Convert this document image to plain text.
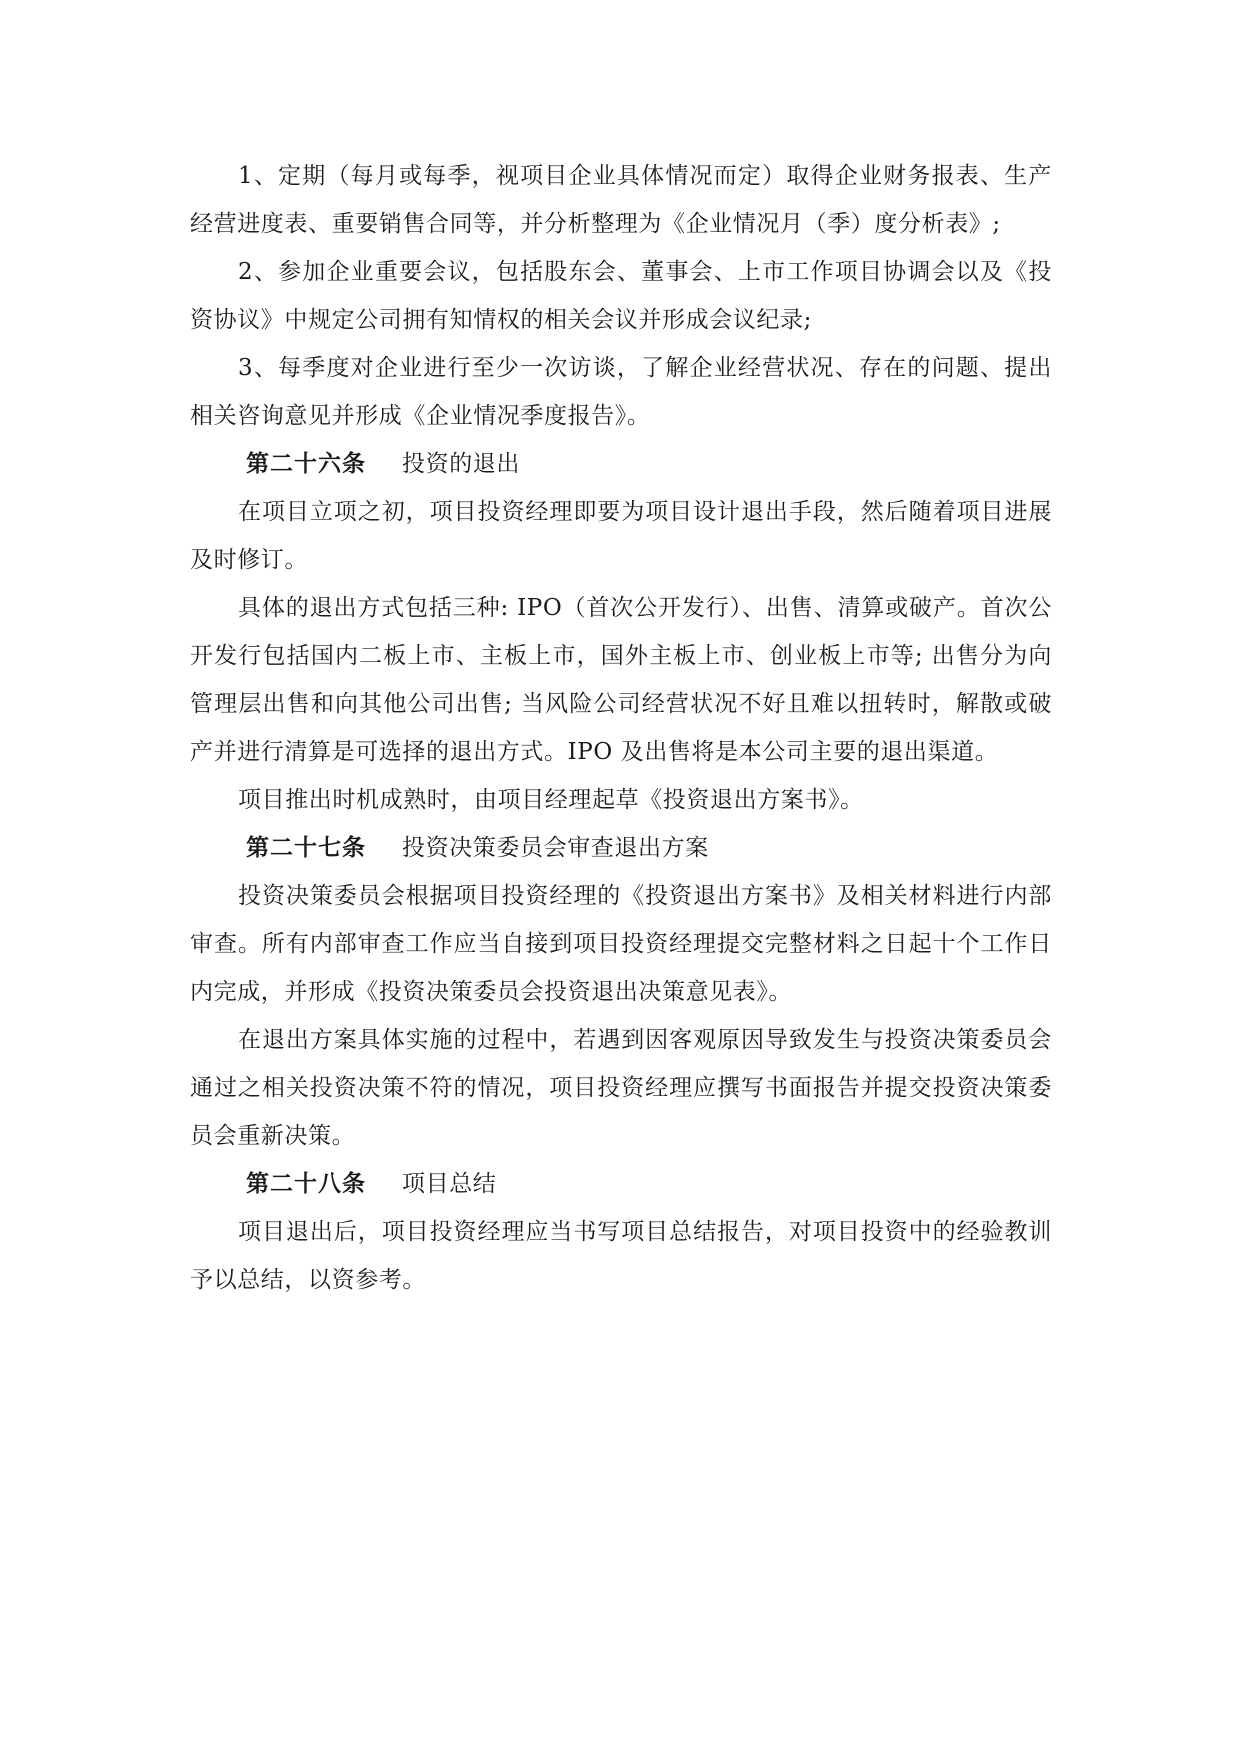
1、定期（每月或每季，视项目企业具体情况而定）取得企业财务报表、生产经营进度表、重要销售合同等，并分析整理为《企业情况月（季）度分析表》;

2、参加企业重要会议，包括股东会、董事会、上市工作项目协调会以及《投资协议》中规定公司拥有知情权的相关会议并形成会议纪录;

3、每季度对企业进行至少一次访谈，了解企业经营状况、存在的问题、提出相关咨询意见并形成《企业情况季度报告》。

第二十六条 投资的退出

在项目立项之初，项目投资经理即要为项目设计退出手段，然后随着项目进展及时修订。

具体的退出方式包括三种: IPO（首次公开发行）、出售、清算或破产。首次公开发行包括国内二板上市、主板上市，国外主板上市、创业板上市等; 出售分为向管理层出售和向其他公司出售; 当风险公司经营状况不好且难以扭转时，解散或破产并进行清算是可选择的退出方式。IPO 及出售将是本公司主要的退出渠道。

项目推出时机成熟时，由项目经理起草《投资退出方案书》。

第二十七条 投资决策委员会审查退出方案

投资决策委员会根据项目投资经理的《投资退出方案书》及相关材料进行内部审查。所有内部审查工作应当自接到项目投资经理提交完整材料之日起十个工作日内完成，并形成《投资决策委员会投资退出决策意见表》。

在退出方案具体实施的过程中，若遇到因客观原因导致发生与投资决策委员会通过之相关投资决策不符的情况，项目投资经理应撰写书面报告并提交投资决策委员会重新决策。

第二十八条 项目总结

项目退出后，项目投资经理应当书写项目总结报告，对项目投资中的经验教训予以总结，以资参考。
